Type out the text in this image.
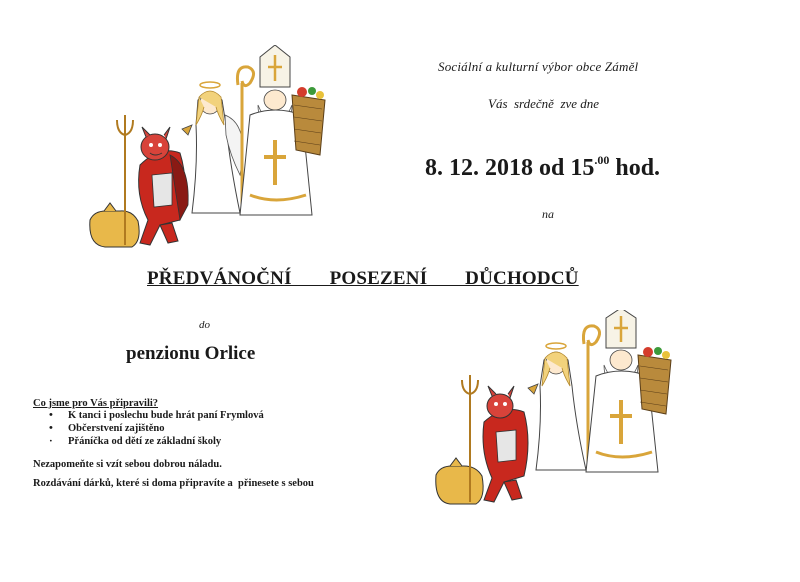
Sociální a kulturní výbor obce Záměl
Vás  srdečně  zve dne
8. 12. 2018 od $15^{.00}$ hod.
na
PŘEDVÁNOČNÍ  POSEZENÍ  DŮCHODCŮ
do
penzionu Orlice
Co jsme pro Vás připravili?
• K tanci i poslechu bude hrát paní Frymlová
• Občerstvení zajištěno
· Přáníčka od dětí ze základní školy
Nezapomeňte si vzít sebou dobrou náladu.
Rozdávání dárků, které si doma připravíte a  přinesete s sebou
